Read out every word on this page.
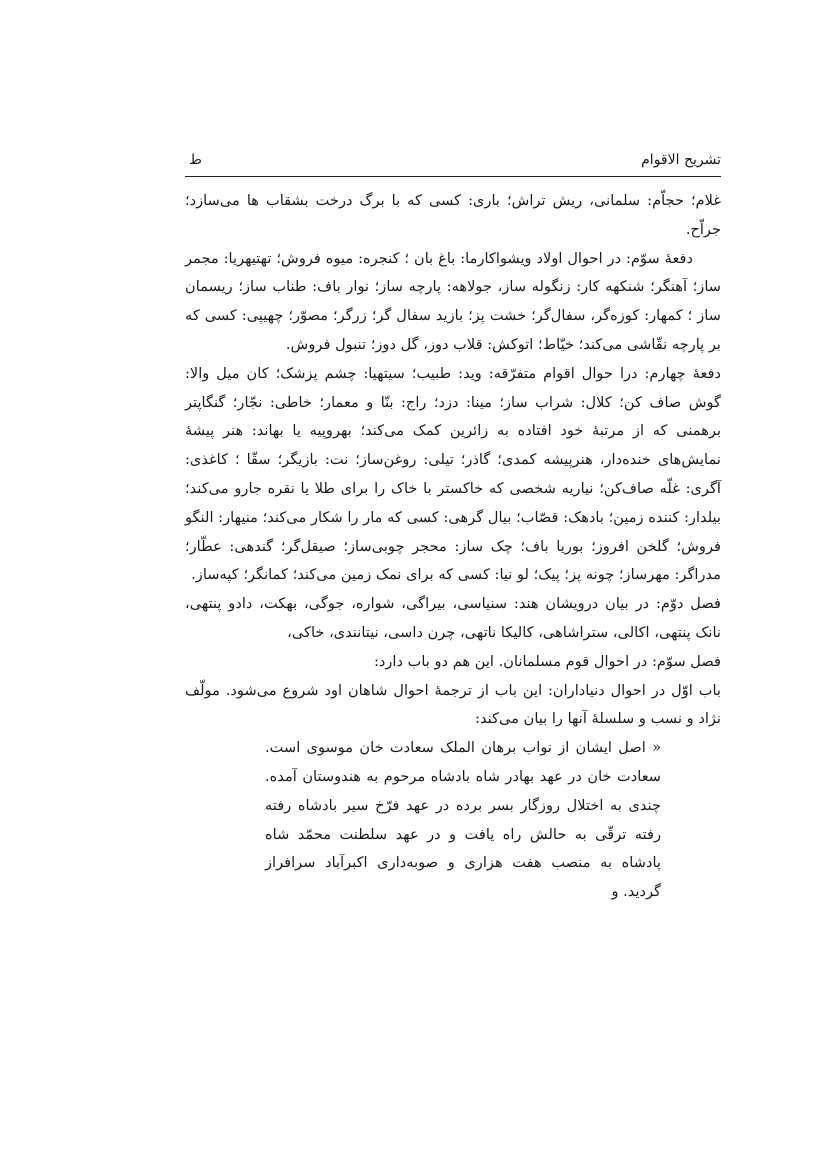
تشریح الاقوام
ط

غلام؛ حجاّم: سلمانی، ریش تراش؛ باری: کسی که با برگ درخت بشقاب ها می‌سازد؛ جراّح.

دفعۀ سوّم: در احوال اولاد ویشواکارما: باغ بان ؛ کنجره: میوه فروش؛ تهتیهریا: مجمر ساز؛ آهنگر؛ شنکهه کار: زنگوله ساز، جولاهه: پارچه ساز؛ نوار باف: طناب ساز؛ ریسمان ساز ؛ کمهار: کوزه‌گر، سفال‌گر؛ خشت پز؛ بازید سفال گر؛ زرگر؛ مصوّر؛ چهیپی: کسی که بر پارچه نقّاشی می‌کند؛ خیّاط؛ اتوکش: قلاب دوز، گل دوز؛ تنبول فروش.

دفعۀ چهارم: درا حوال اقوام متفرّقه: وید: طبیب؛ سیتهیا: چشم پزشک؛ کان میل والا: گوش صاف کن؛ کلال: شراب ساز؛ مینا: دزد؛ راج: بنّا و معمار؛ خاطی: نجّار؛ گنگاپتر برهمنی که از مرتبۀ خود افتاده به زائرین کمک می‌کند؛ بهروپیه یا بهاند: هنر پیشۀ نمایش‌های خنده‌دار، هنرپیشه کمدی؛ گاذر؛ تیلی: روغن‌ساز؛ نت: بازیگر؛ سقّا ؛ کاغذی: آگری: غلّه صاف‌کن؛ نیاریه شخصی که خاکستر با خاک را برای طلا یا نقره جارو می‌کند؛ بیلدار: کننده زمین؛ بادهک: قصّاب؛ بیال گرهی: کسی که مار را شکار می‌کند؛ منیهار: النگو فروش؛ گلخن افروز؛ بوریا باف؛ چک ساز: محجر چوبی‌ساز؛ صیقل‌گر؛ گندهی: عطّار؛ مدراگر: مهرساز؛ چونه پز؛ پیک؛ لو نیا: کسی که برای نمک زمین می‌کند؛ کمانگر؛ کپه‌ساز.

فصل دوّم: در بیان درویشان هند: سنیاسی، بیراگی، شواره، جوگی، بهکت، دادو پنتهی، نانک پنتهی، اکالی، ستراشاهی، کالیکا ناتهی، چرن داسی، نیتانندی، خاکی،

فصل سوّم: در احوال قوم مسلمانان. این هم دو باب دارد:

باب اوّل در احوال دنیاداران: این باب از ترجمۀ احوال شاهان اود شروع می‌شود. مولّف نژاد و نسب و سلسلۀ آنها را بیان می‌کند:

« اصل ایشان از نواب برهان الملک سعادت خان موسوی است. سعادت خان در عهد بهادر شاه بادشاه مرحوم به هندوستان آمده. چندی به اختلال روزگار بسر برده در عهد فرّخ سیر بادشاه رفته رفته ترقّی به حالش راه یافت و در عهد سلطنت محمّد شاه پادشاه به منصب هفت هزاری و صوبه‌داری اکبرآباد سرافراز گردید. و
